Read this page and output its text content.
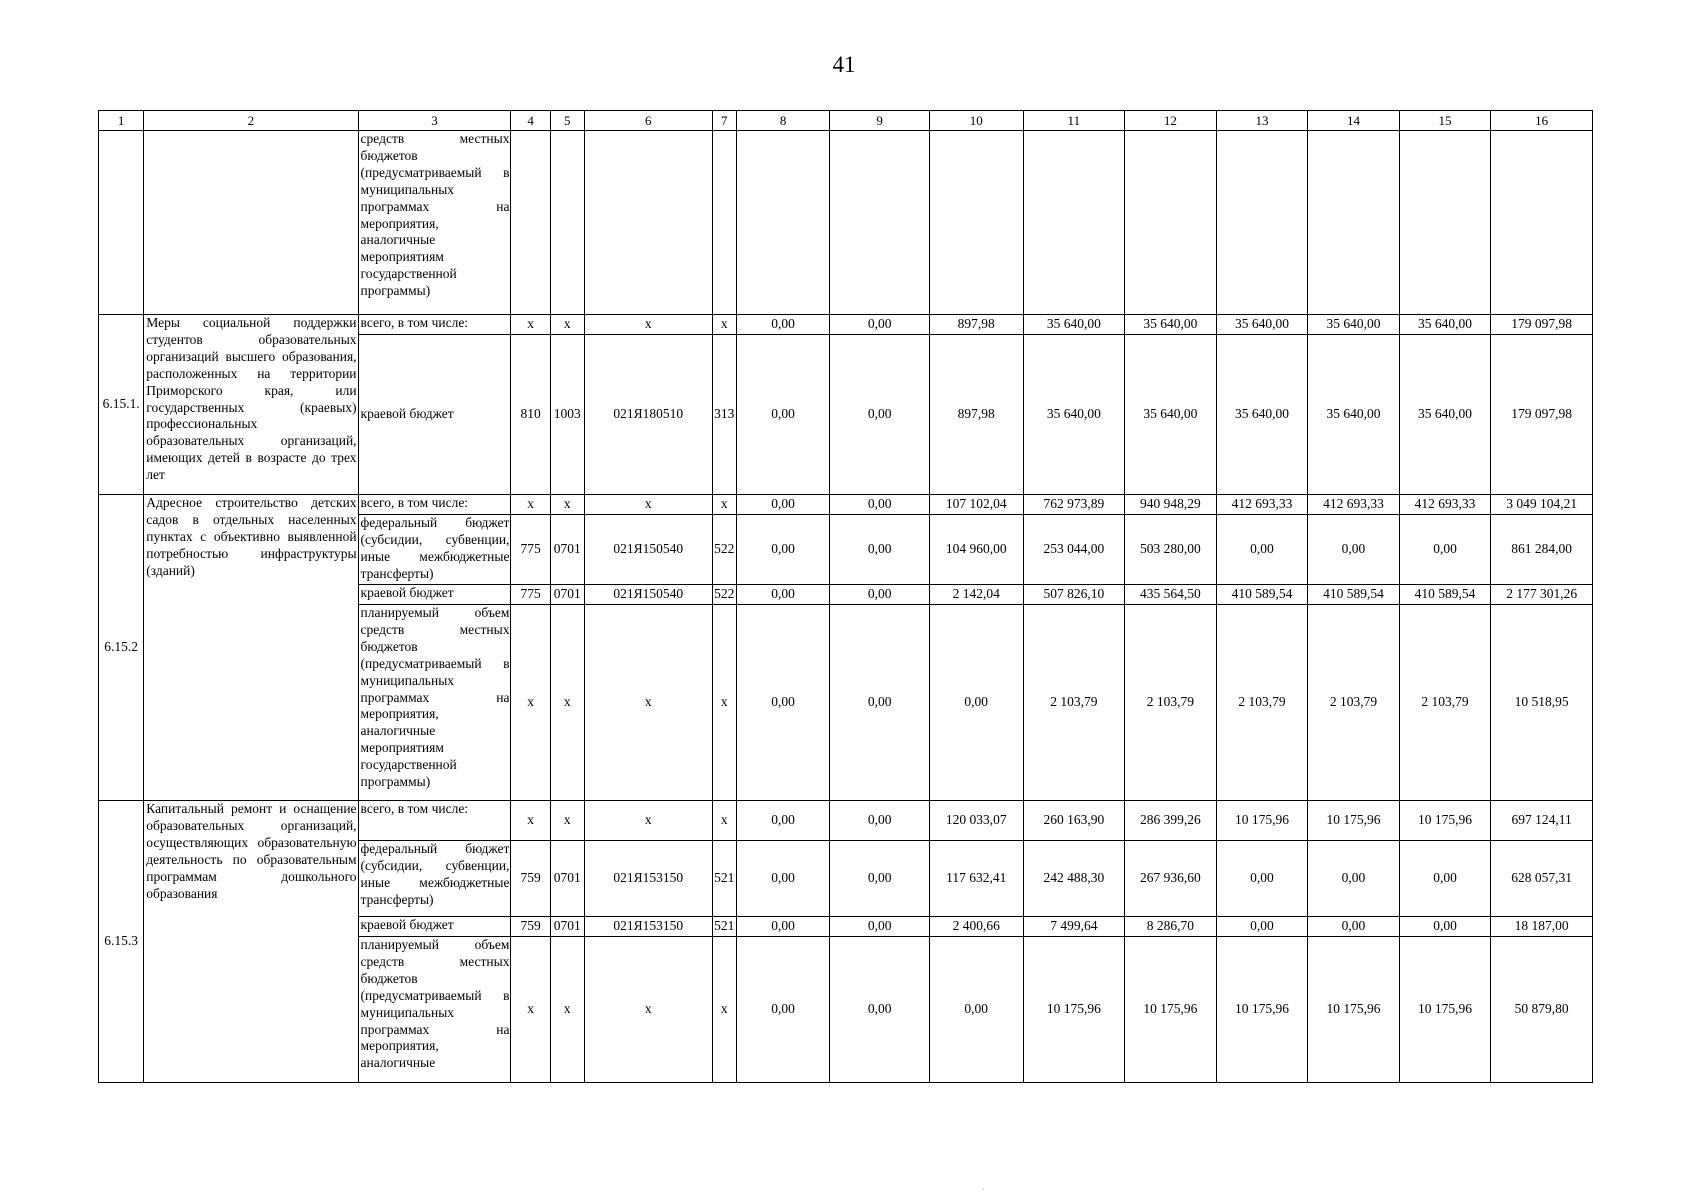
41
1	2	3	4	5	6	7	8	9	10	11	12	13	14	15	16
		средств местных бюджетов (предусматриваемый в муниципальных программах на мероприятия, аналогичные мероприятиям государственной программы)													
6.15.1.	Меры социальной поддержки студентов образовательных организаций высшего образования, расположенных на территории Приморского края, или государственных (краевых) профессиональных образовательных организаций, имеющих детей в возрасте до трех лет	всего, в том числе:	x	x	x	x	0,00	0,00	897,98	35 640,00	35 640,00	35 640,00	35 640,00	35 640,00	179 097,98
		краевой бюджет	810	1003	021Я180510	313	0,00	0,00	897,98	35 640,00	35 640,00	35 640,00	35 640,00	35 640,00	179 097,98
6.15.2	Адресное строительство детских садов в отдельных населенных пунктах с объективно выявленной потребностью инфраструктуры (зданий)	всего, в том числе:	x	x	x	x	0,00	0,00	107 102,04	762 973,89	940 948,29	412 693,33	412 693,33	412 693,33	3 049 104,21
		федеральный бюджет (субсидии, субвенции, иные межбюджетные трансферты)	775	0701	021Я150540	522	0,00	0,00	104 960,00	253 044,00	503 280,00	0,00	0,00	0,00	861 284,00
		краевой бюджет	775	0701	021Я150540	522	0,00	0,00	2 142,04	507 826,10	435 564,50	410 589,54	410 589,54	410 589,54	2 177 301,26
		планируемый объем средств местных бюджетов (предусматриваемый в муниципальных программах на мероприятия, аналогичные мероприятиям государственной программы)	x	x	x	x	0,00	0,00	0,00	2 103,79	2 103,79	2 103,79	2 103,79	2 103,79	10 518,95
6.15.3	Капитальный ремонт и оснащение образовательных организаций, осуществляющих образовательную деятельность по образовательным программам дошкольного образования	всего, в том числе:	x	x	x	x	0,00	0,00	120 033,07	260 163,90	286 399,26	10 175,96	10 175,96	10 175,96	697 124,11
		федеральный бюджет (субсидии, субвенции, иные межбюджетные трансферты)	759	0701	021Я153150	521	0,00	0,00	117 632,41	242 488,30	267 936,60	0,00	0,00	0,00	628 057,31
		краевой бюджет	759	0701	021Я153150	521	0,00	0,00	2 400,66	7 499,64	8 286,70	0,00	0,00	0,00	18 187,00
		планируемый объем средств местных бюджетов (предусматриваемый в муниципальных программах на мероприятия, аналогичные	x	x	x	x	0,00	0,00	0,00	10 175,96	10 175,96	10 175,96	10 175,96	10 175,96	50 879,80
·
